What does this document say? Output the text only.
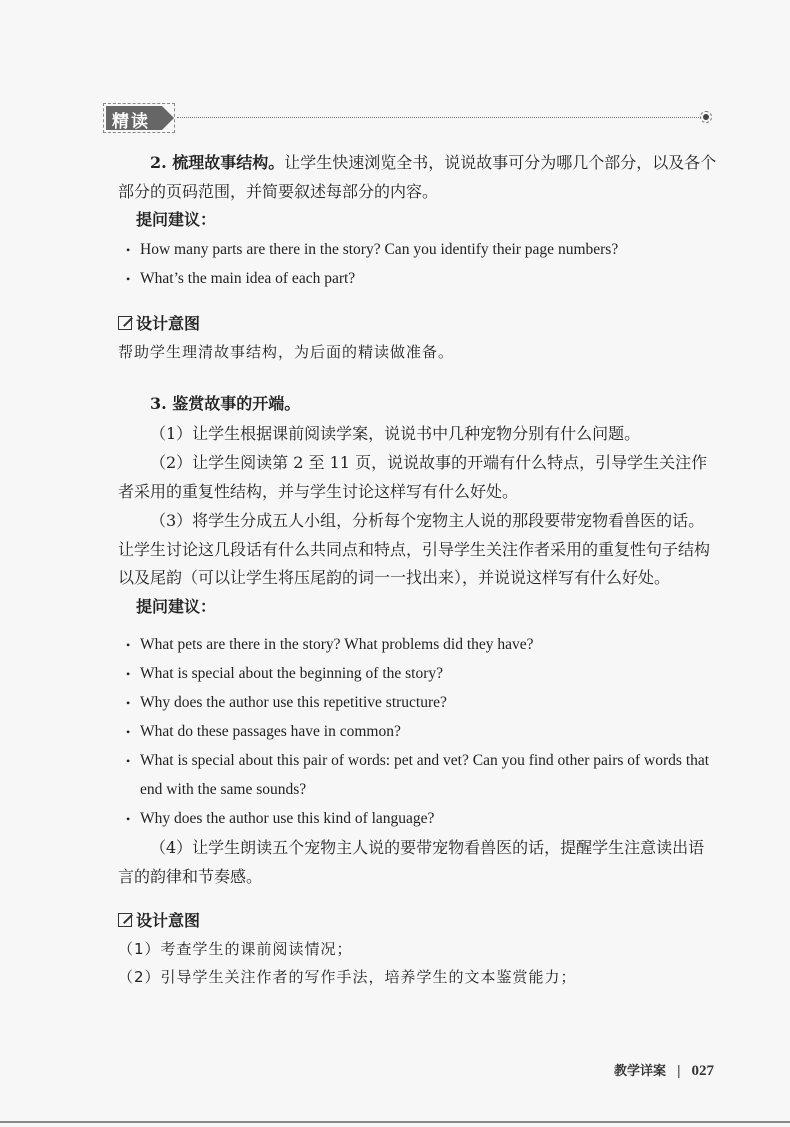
精读
2. 梳理故事结构。让学生快速浏览全书，说说故事可分为哪几个部分，以及各个部分的页码范围，并简要叙述每部分的内容。
提问建议：
• How many parts are there in the story? Can you identify their page numbers?
• What’s the main idea of each part?
设计意图
帮助学生理清故事结构，为后面的精读做准备。
3. 鉴赏故事的开端。
（1）让学生根据课前阅读学案，说说书中几种宠物分别有什么问题。
（2）让学生阅读第 2 至 11 页，说说故事的开端有什么特点，引导学生关注作者采用的重复性结构，并与学生讨论这样写有什么好处。
（3）将学生分成五人小组，分析每个宠物主人说的那段要带宠物看兽医的话。让学生讨论这几段话有什么共同点和特点，引导学生关注作者采用的重复性句子结构以及尾韵（可以让学生将压尾韵的词一一找出来），并说说这样写有什么好处。
提问建议：
• What pets are there in the story? What problems did they have?
• What is special about the beginning of the story?
• Why does the author use this repetitive structure?
• What do these passages have in common?
• What is special about this pair of words: pet and vet? Can you find other pairs of words that end with the same sounds?
• Why does the author use this kind of language?
（4）让学生朗读五个宠物主人说的要带宠物看兽医的话，提醒学生注意读出语言的韵律和节奏感。
设计意图
（1）考查学生的课前阅读情况；
（2）引导学生关注作者的写作手法，培养学生的文本鉴赏能力；
教学详案 | 027
